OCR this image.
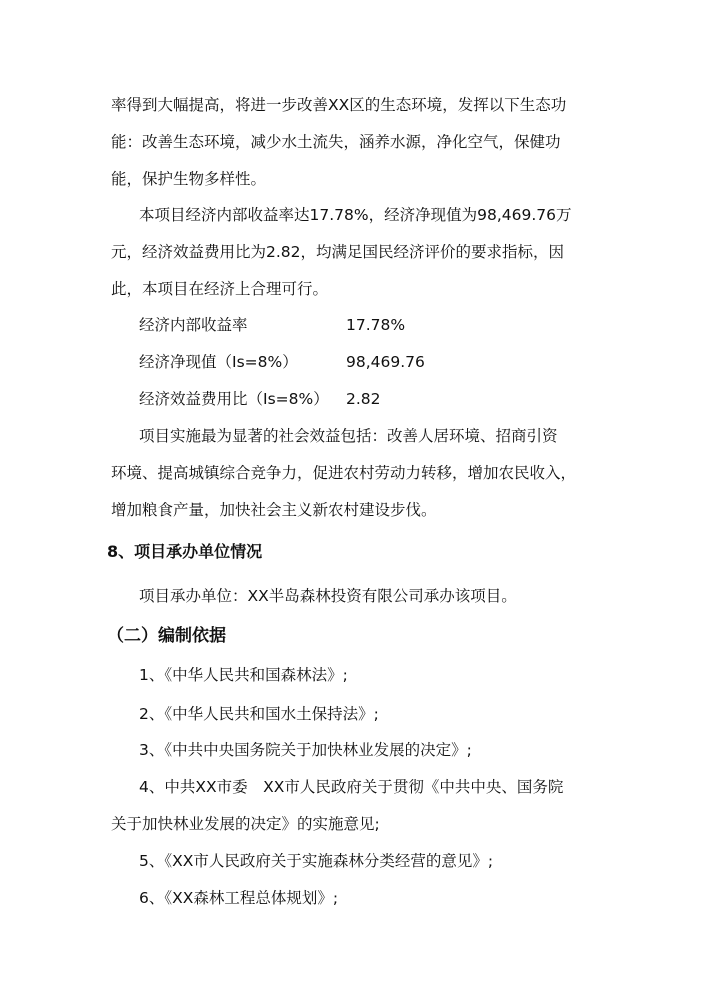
率得到大幅提高，将进一步改善XX区的生态环境，发挥以下生态功
能：改善生态环境，减少水土流失，涵养水源，净化空气，保健功
能，保护生物多样性。
本项目经济内部收益率达17.78%，经济净现值为98,469.76万
元，经济效益费用比为2.82，均满足国民经济评价的要求指标，因
此，本项目在经济上合理可行。
经济内部收益率	17.78%
经济净现值（Is=8%）	98,469.76
经济效益费用比（Is=8%） 2.82
项目实施最为显著的社会效益包括：改善人居环境、招商引资
环境、提高城镇综合竞争力，促进农村劳动力转移，增加农民收入，
增加粮食产量，加快社会主义新农村建设步伐。
8、项目承办单位情况
项目承办单位：XX半岛森林投资有限公司承办该项目。
（二）编制依据
1、《中华人民共和国森林法》;
2、《中华人民共和国水土保持法》;
3、《中共中央国务院关于加快林业发展的决定》;
4、中共XX市委　XX市人民政府关于贯彻《中共中央、国务院
关于加快林业发展的决定》的实施意见;
5、《XX市人民政府关于实施森林分类经营的意见》;
6、《XX森林工程总体规划》;
